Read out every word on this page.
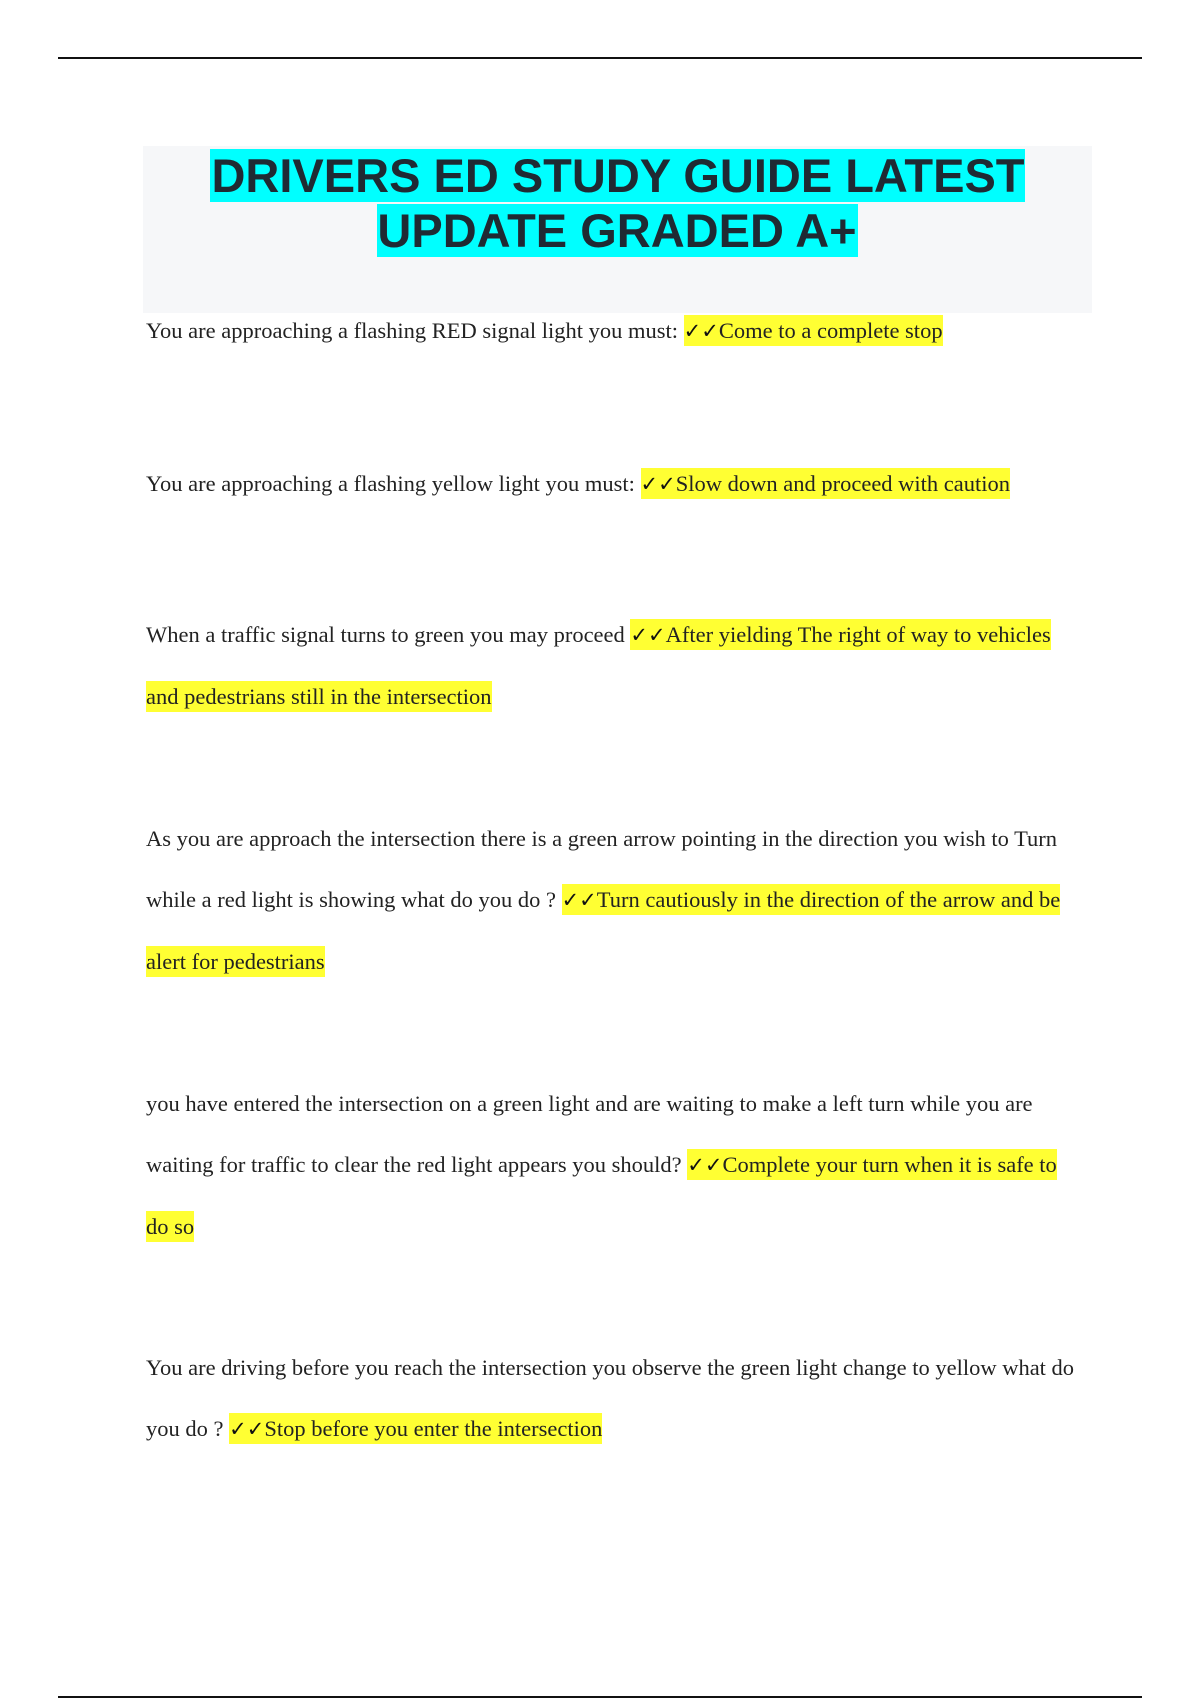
DRIVERS ED STUDY GUIDE LATEST UPDATE GRADED A+

You are approaching a flashing RED signal light you must: ✓✓Come to a complete stop

You are approaching a flashing yellow light you must: ✓✓Slow down and proceed with caution

When a traffic signal turns to green you may proceed ✓✓After yielding The right of way to vehicles and pedestrians still in the intersection

As you are approach the intersection there is a green arrow pointing in the direction you wish to Turn while a red light is showing what do you do ? ✓✓Turn cautiously in the direction of the arrow and be alert for pedestrians

you have entered the intersection on a green light and are waiting to make a left turn while you are waiting for traffic to clear the red light appears you should? ✓✓Complete your turn when it is safe to do so

You are driving before you reach the intersection you observe the green light change to yellow what do you do ? ✓✓Stop before you enter the intersection
